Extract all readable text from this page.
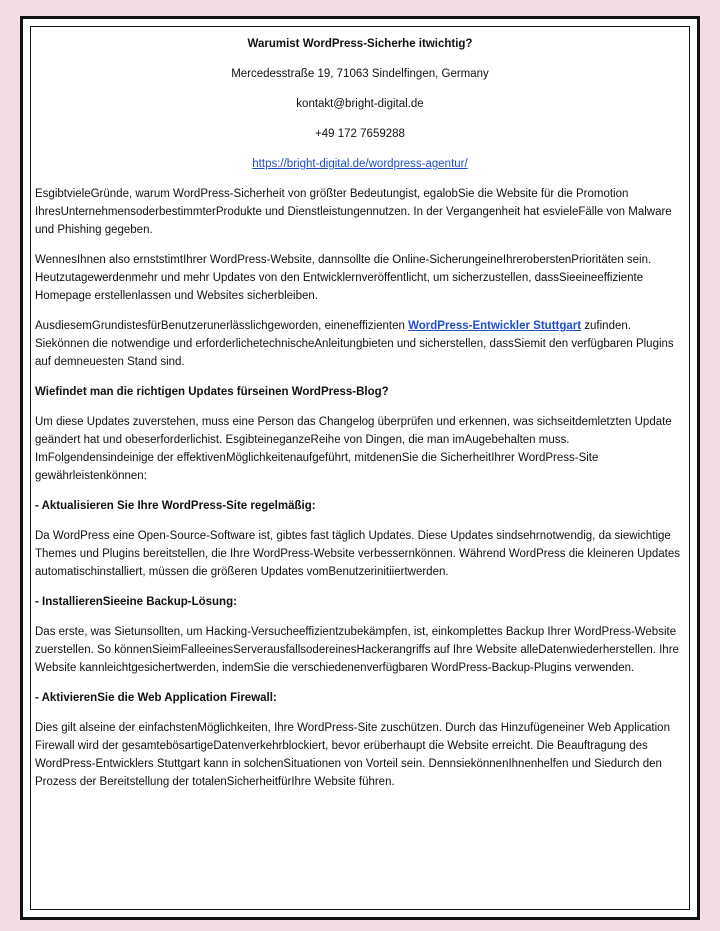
Warumist WordPress-Sicherhe itwichtig?
Mercedesstraße 19, 71063 Sindelfingen, Germany
kontakt@bright-digital.de
+49 172 7659288
https://bright-digital.de/wordpress-agentur/

EsgibtvieleGründe, warum WordPress-Sicherheit von größter Bedeutungist, egalobSie die Website für die Promotion IhresUnternehmensoderbestimmterProdukte und Dienstleistungennutzen. In der Vergangenheit hat esvieleFälle von Malware und Phishing gegeben.

WennesIhnen also ernststimtIhrer WordPress-Website, dannsollte die Online-SicherungeineIhreroberstenPrioritäten sein. Heutzutagewerdenmehr und mehr Updates von den Entwicklernveröffentlicht, um sicherzustellen, dassSieeineeffiziente Homepage erstellenlassen und Websites sicherbleiben.

AusdiesemGrundistesfürBenutzerunerlässlichgeworden, eineneffizienten WordPress-Entwickler Stuttgart zufinden. Siekönnen die notwendige und erforderlichetechnischeAnleitungbieten und sicherstellen, dassSiemit den verfügbaren Plugins auf demneuesten Stand sind.

Wiefindet man die richtigen Updates fürseinen WordPress-Blog?

Um diese Updates zuverstehen, muss eine Person das Changelog überprüfen und erkennen, was sichseitdemletzten Update geändert hat und obeserforderlichist. EsgibteineganzeReihe von Dingen, die man imAugebehalten muss. ImFolgendensindeinige der effektivenMöglichkeitenaufgeführt, mitdenenSie die SicherheitIhrer WordPress-Site gewährleistenkönnen:

- Aktualisieren Sie Ihre WordPress-Site regelmäßig:

Da WordPress eine Open-Source-Software ist, gibtes fast täglich Updates. Diese Updates sindsehrnotwendig, da siewichtige Themes und Plugins bereitstellen, die Ihre WordPress-Website verbessernkönnen. Während WordPress die kleineren Updates automatischinstalliert, müssen die größeren Updates vomBenutzerinitiiertwerden.

- InstallierenSieeine Backup-Lösung:

Das erste, was Sietunsollten, um Hacking-Versucheeffizientzubekämpfen, ist, einkomplettes Backup Ihrer WordPress-Website zuerstellen. So könnenSieimFalleeinesServerausfallsodereinesHackerangriffs auf Ihre Website alleDatenwiederherstellen. Ihre Website kannleichtgesichertwerden, indemSie die verschiedenenverfügbaren WordPress-Backup-Plugins verwenden.

- AktivierenSie die Web Application Firewall:

Dies gilt alseine der einfachstenMöglichkeiten, Ihre WordPress-Site zuschützen. Durch das Hinzufügeneiner Web Application Firewall wird der gesamtebösartigeDatenverkehrblockiert, bevor erüberhaupt die Website erreicht. Die Beauftragung des WordPress-Entwicklers Stuttgart kann in solchenSituationen von Vorteil sein. DennsiekönnenIhnenhelfen und Siedurch den Prozess der Bereitstellung der totalenSicherheitfürIhre Website führen.
